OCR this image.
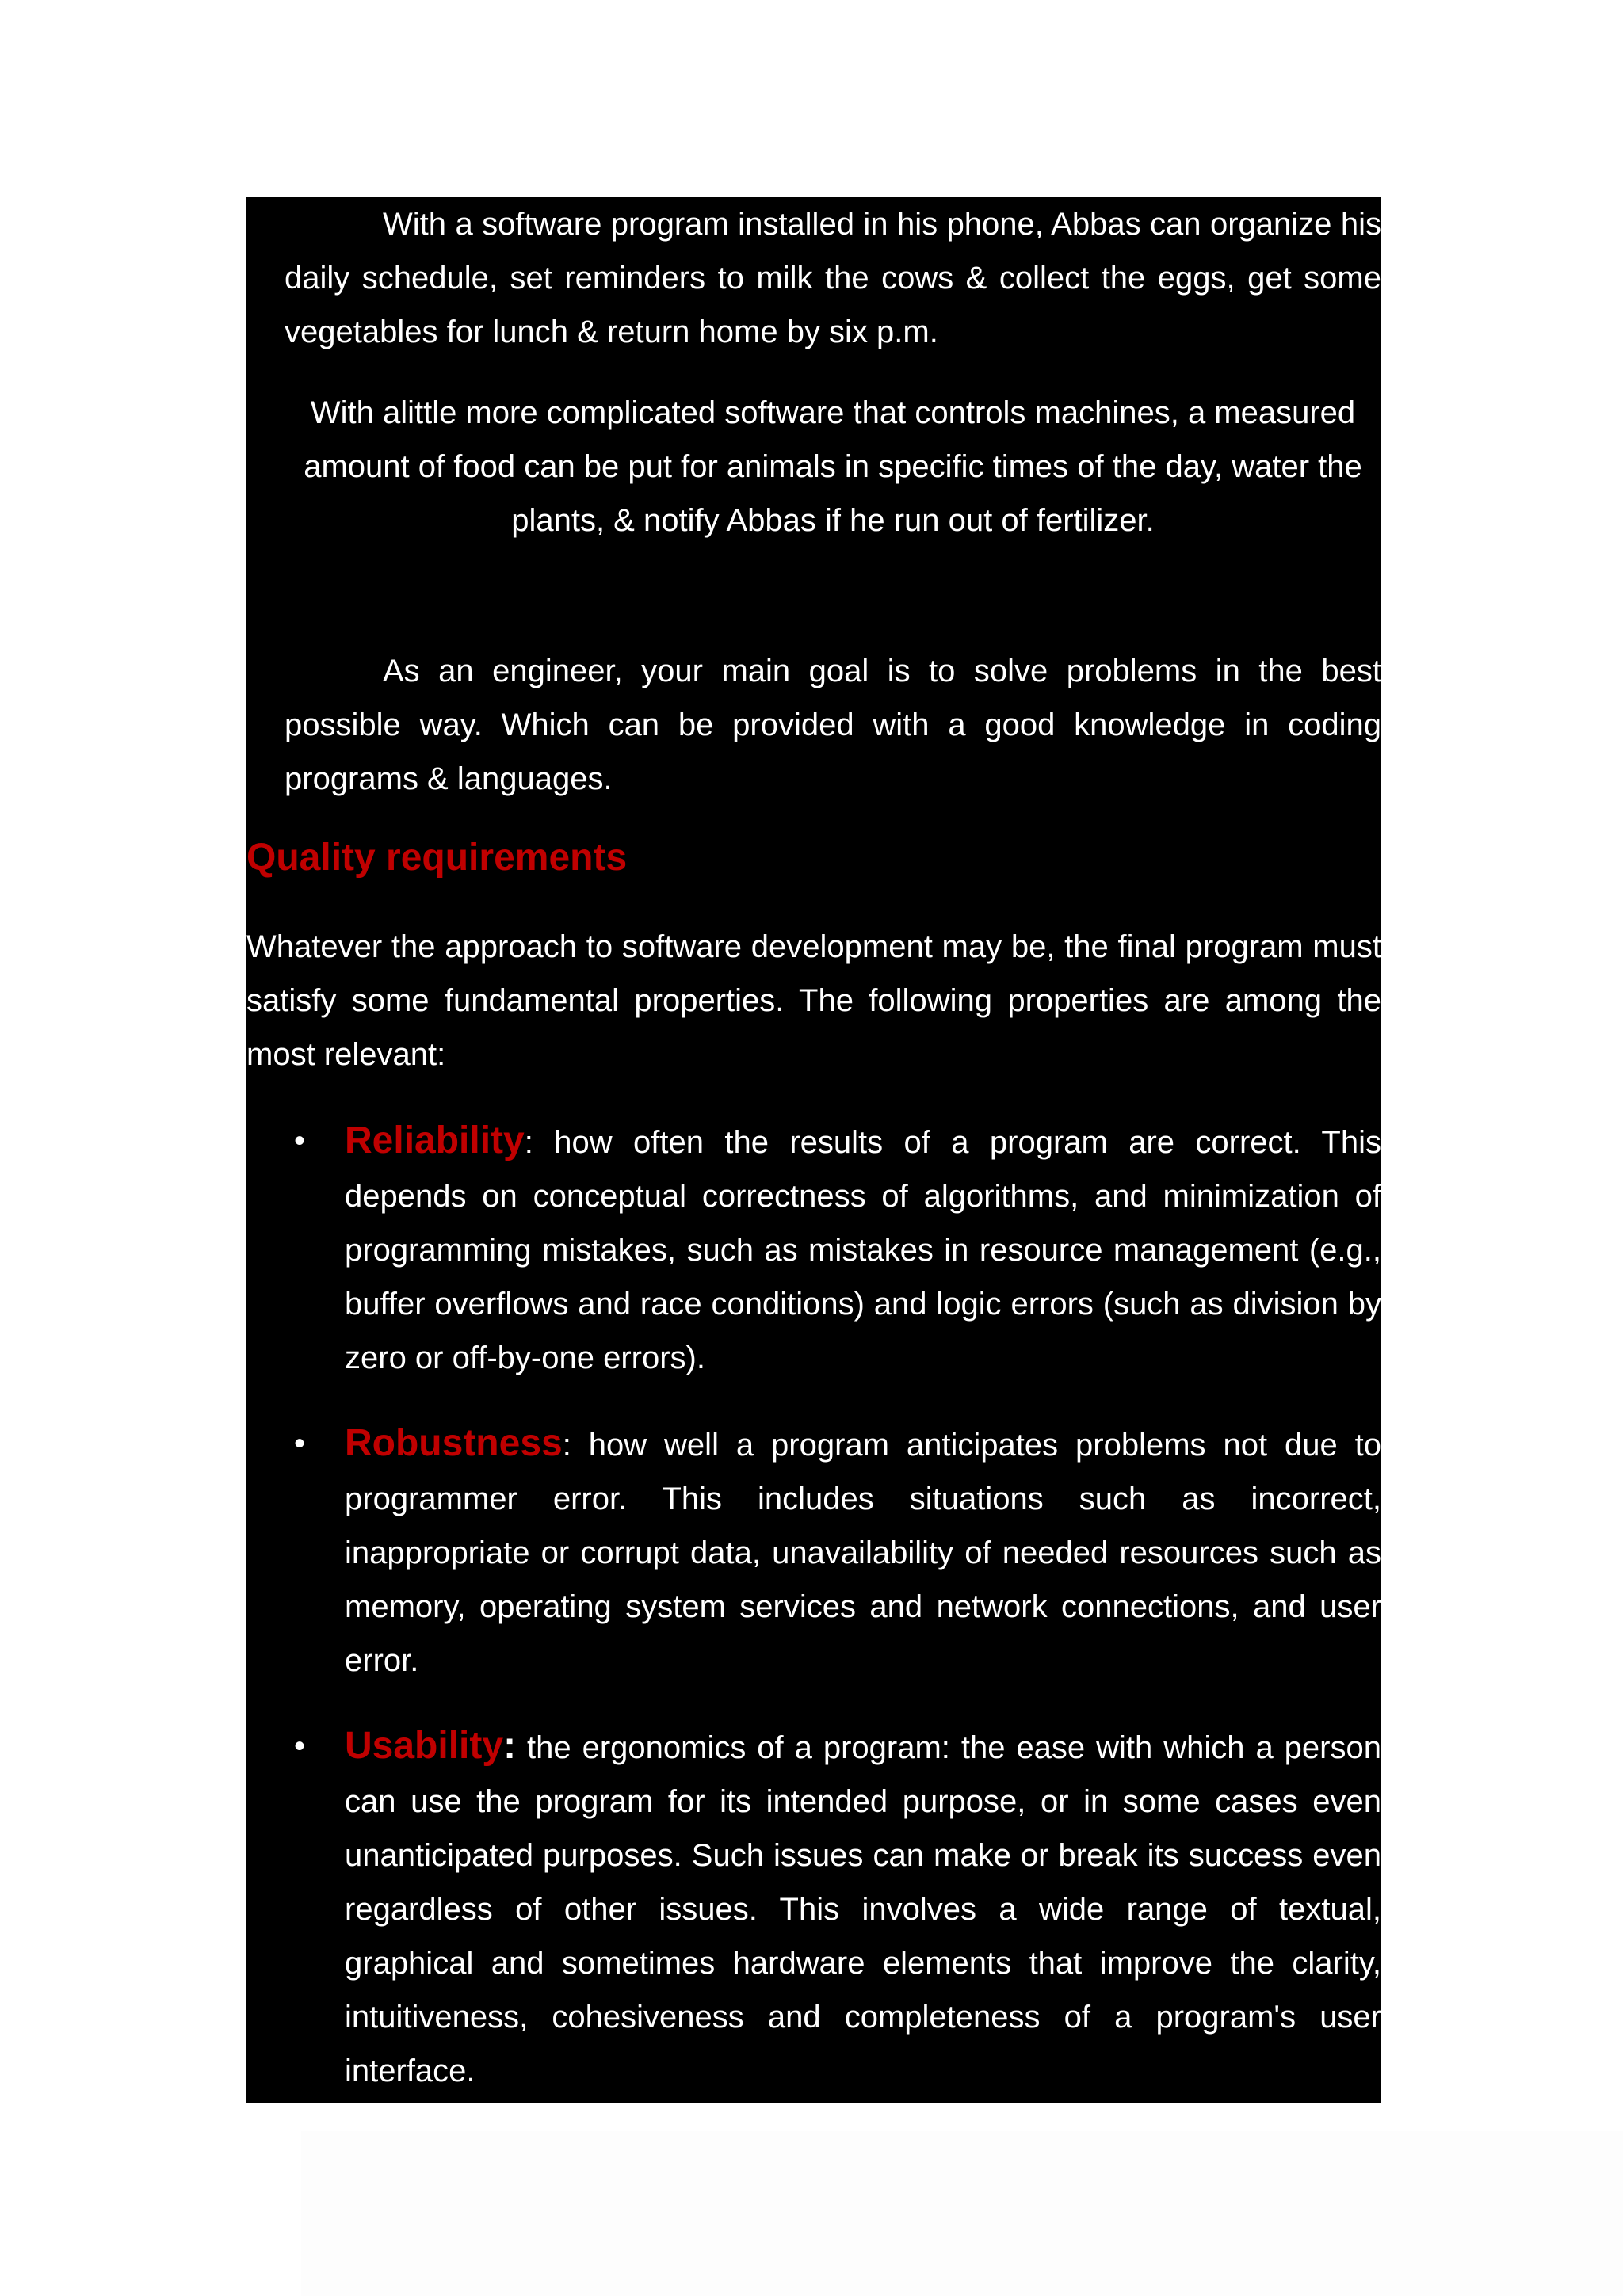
With a software program installed in his phone, Abbas can organize his daily schedule, set reminders to milk the cows & collect the eggs, get some vegetables for lunch & return home by six p.m.

With alittle more complicated software that controls machines, a measured amount of food can be put for animals in specific times of the day, water the plants, & notify Abbas if he run out of fertilizer.

As an engineer, your main goal is to solve problems in the best possible way. Which can be provided with a good knowledge in coding programs & languages.

Quality requirements

Whatever the approach to software development may be, the final program must satisfy some fundamental properties. The following properties are among the most relevant:

• Reliability: how often the results of a program are correct. This depends on conceptual correctness of algorithms, and minimization of programming mistakes, such as mistakes in resource management (e.g., buffer overflows and race conditions) and logic errors (such as division by zero or off-by-one errors).

• Robustness: how well a program anticipates problems not due to programmer error. This includes situations such as incorrect, inappropriate or corrupt data, unavailability of needed resources such as memory, operating system services and network connections, and user error.

• Usability: the ergonomics of a program: the ease with which a person can use the program for its intended purpose, or in some cases even unanticipated purposes. Such issues can make or break its success even regardless of other issues. This involves a wide range of textual, graphical and sometimes hardware elements that improve the clarity, intuitiveness, cohesiveness and completeness of a program's user interface.
